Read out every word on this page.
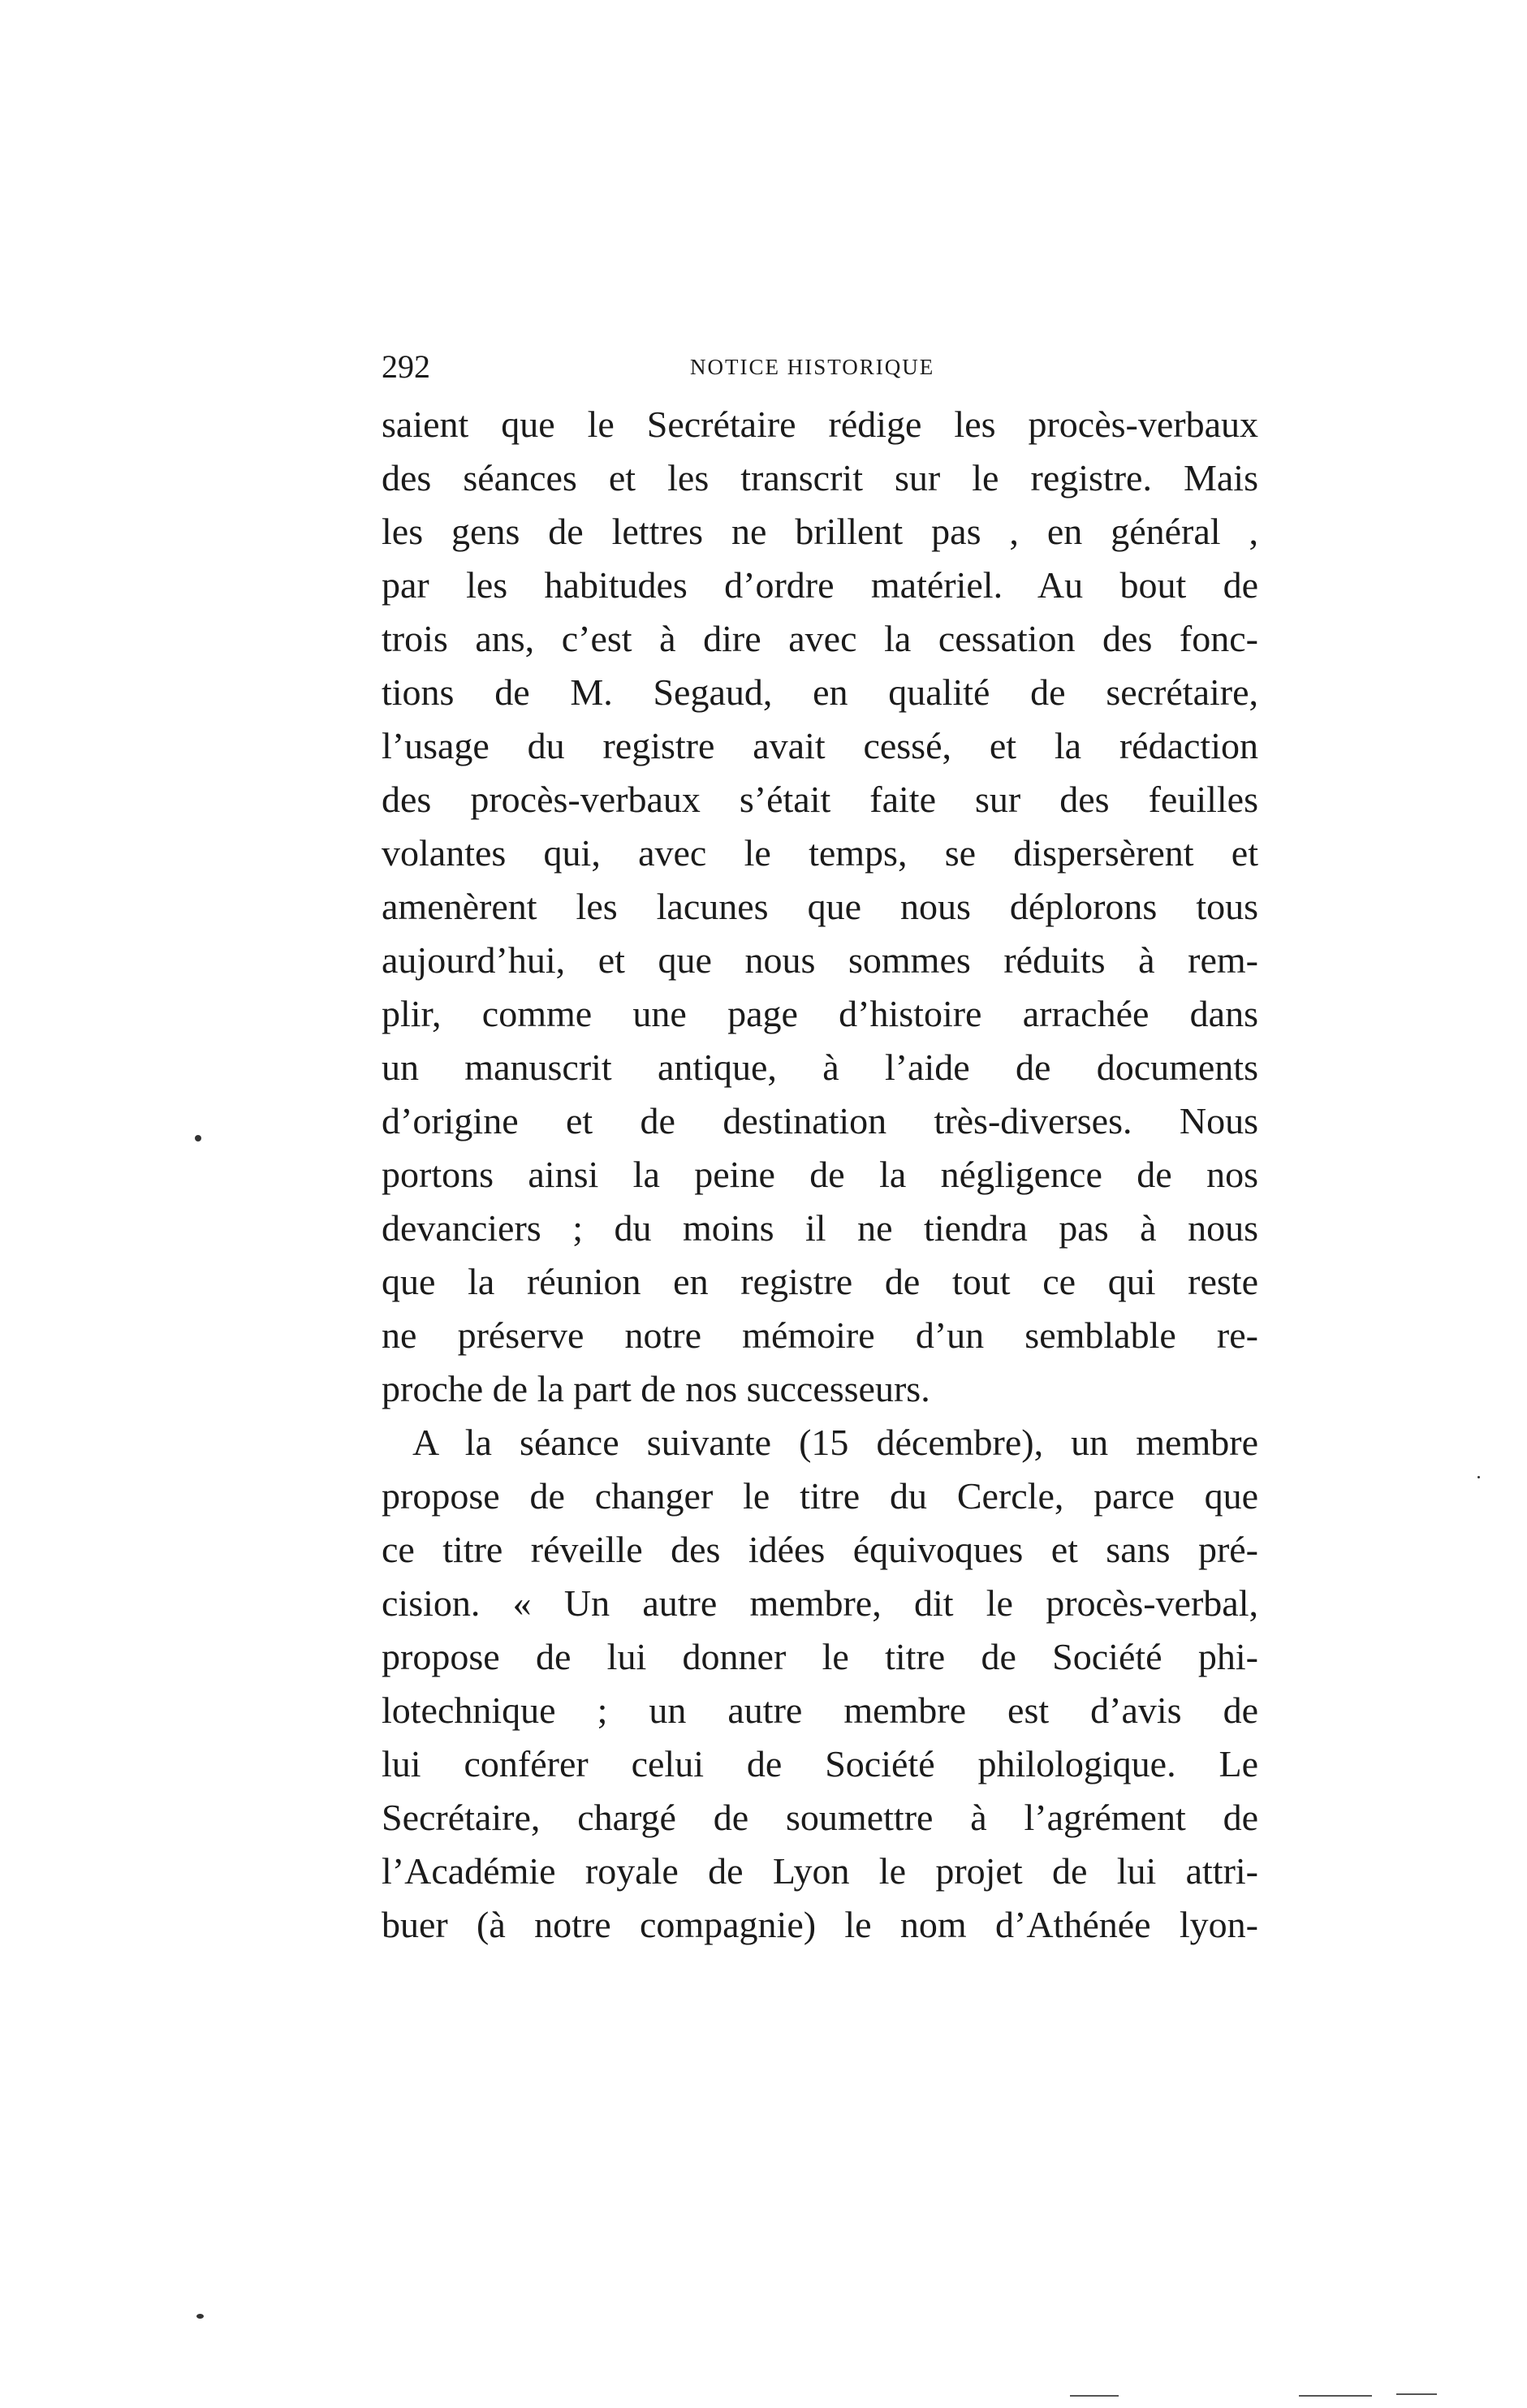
292	NOTICE HISTORIQUE
saient que le Secrétaire rédige les procès-verbaux
des séances et les transcrit sur le registre. Mais
les gens de lettres ne brillent pas , en général ,
par les habitudes d’ordre matériel. Au bout de
trois ans, c’est à dire avec la cessation des fonc-
tions de M. Segaud, en qualité de secrétaire,
l’usage du registre avait cessé, et la rédaction
des procès-verbaux s’était faite sur des feuilles
volantes qui, avec le temps, se dispersèrent et
amenèrent les lacunes que nous déplorons tous
aujourd’hui, et que nous sommes réduits à rem-
plir, comme une page d’histoire arrachée dans
un manuscrit antique, à l’aide de documents
d’origine et de destination très-diverses. Nous
portons ainsi la peine de la négligence de nos
devanciers ; du moins il ne tiendra pas à nous
que la réunion en registre de tout ce qui reste
ne préserve notre mémoire d’un semblable re-
proche de la part de nos successeurs.
A la séance suivante (15 décembre), un membre
propose de changer le titre du Cercle, parce que
ce titre réveille des idées équivoques et sans pré-
cision. « Un autre membre, dit le procès-verbal,
propose de lui donner le titre de Société phi-
lotechnique ; un autre membre est d’avis de
lui conférer celui de Société philologique. Le
Secrétaire, chargé de soumettre à l’agrément de
l’Académie royale de Lyon le projet de lui attri-
buer (à notre compagnie) le nom d’Athénée lyon-
